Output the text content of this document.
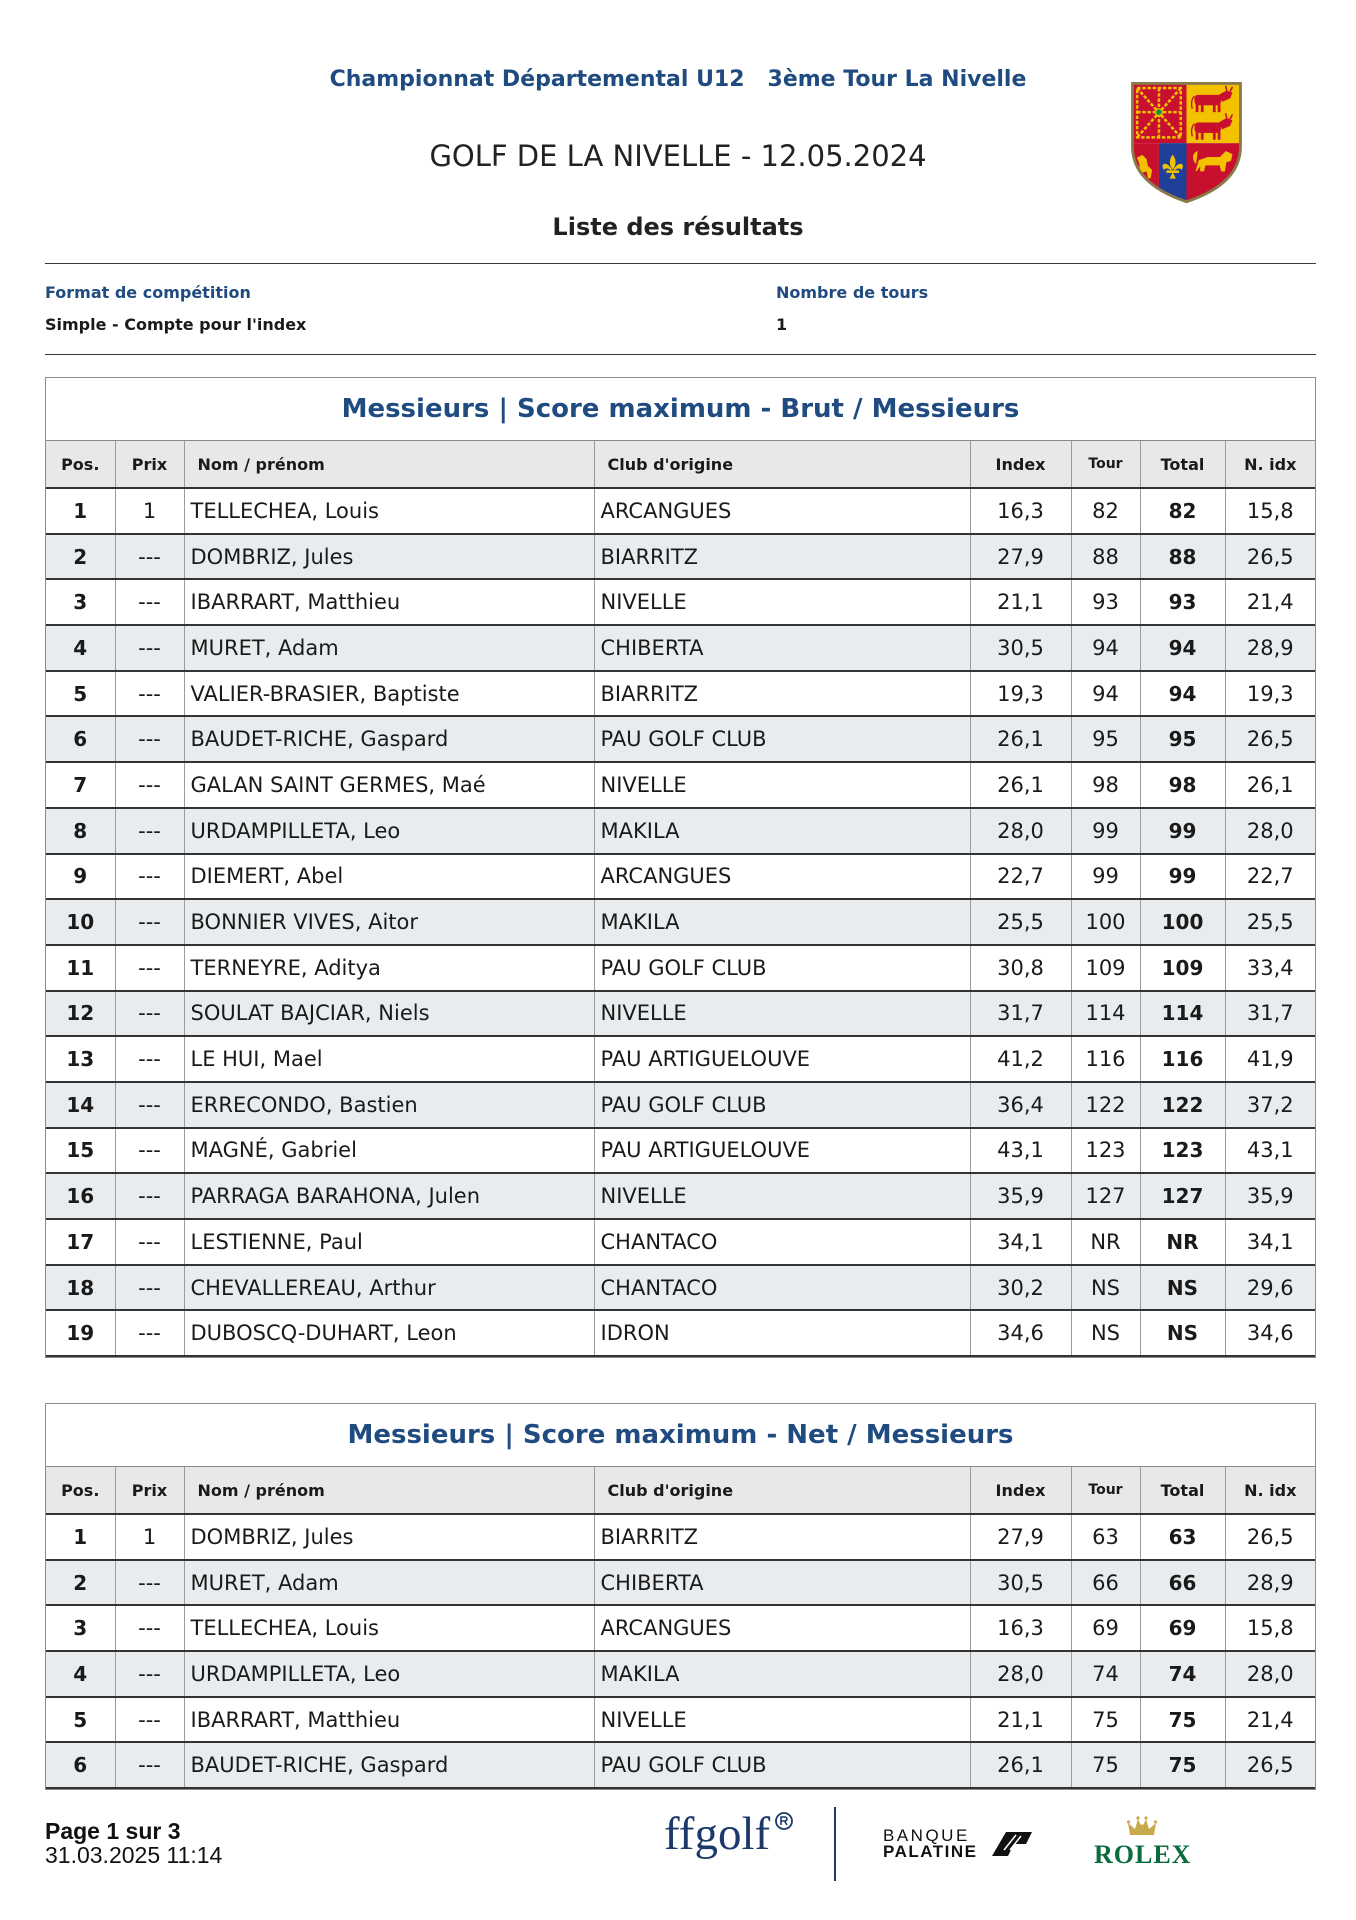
Championnat Départemental U12   3ème Tour La Nivelle
GOLF DE LA NIVELLE - 12.05.2024
Liste des résultats
Format de compétition
Simple - Compte pour l'index
Nombre de tours
1
Messieurs | Score maximum - Brut / Messieurs
Pos.	Prix	Nom / prénom	Club d'origine	Index	Tour	Total	N. idx
1	1	TELLECHEA, Louis	ARCANGUES	16,3	82	82	15,8
2	---	DOMBRIZ, Jules	BIARRITZ	27,9	88	88	26,5
3	---	IBARRART, Matthieu	NIVELLE	21,1	93	93	21,4
4	---	MURET, Adam	CHIBERTA	30,5	94	94	28,9
5	---	VALIER-BRASIER, Baptiste	BIARRITZ	19,3	94	94	19,3
6	---	BAUDET-RICHE, Gaspard	PAU GOLF CLUB	26,1	95	95	26,5
7	---	GALAN SAINT GERMES, Maé	NIVELLE	26,1	98	98	26,1
8	---	URDAMPILLETA, Leo	MAKILA	28,0	99	99	28,0
9	---	DIEMERT, Abel	ARCANGUES	22,7	99	99	22,7
10	---	BONNIER VIVES, Aitor	MAKILA	25,5	100	100	25,5
11	---	TERNEYRE, Aditya	PAU GOLF CLUB	30,8	109	109	33,4
12	---	SOULAT BAJCIAR, Niels	NIVELLE	31,7	114	114	31,7
13	---	LE HUI, Mael	PAU ARTIGUELOUVE	41,2	116	116	41,9
14	---	ERRECONDO, Bastien	PAU GOLF CLUB	36,4	122	122	37,2
15	---	MAGNÉ, Gabriel	PAU ARTIGUELOUVE	43,1	123	123	43,1
16	---	PARRAGA BARAHONA, Julen	NIVELLE	35,9	127	127	35,9
17	---	LESTIENNE, Paul	CHANTACO	34,1	NR	NR	34,1
18	---	CHEVALLEREAU, Arthur	CHANTACO	30,2	NS	NS	29,6
19	---	DUBOSCQ-DUHART, Leon	IDRON	34,6	NS	NS	34,6
Messieurs | Score maximum - Net / Messieurs
Pos.	Prix	Nom / prénom	Club d'origine	Index	Tour	Total	N. idx
1	1	DOMBRIZ, Jules	BIARRITZ	27,9	63	63	26,5
2	---	MURET, Adam	CHIBERTA	30,5	66	66	28,9
3	---	TELLECHEA, Louis	ARCANGUES	16,3	69	69	15,8
4	---	URDAMPILLETA, Leo	MAKILA	28,0	74	74	28,0
5	---	IBARRART, Matthieu	NIVELLE	21,1	75	75	21,4
6	---	BAUDET-RICHE, Gaspard	PAU GOLF CLUB	26,1	75	75	26,5
Page 1 sur 3
31.03.2025 11:14	ffgolf	BANQUE
PALATINE	ROLEX
